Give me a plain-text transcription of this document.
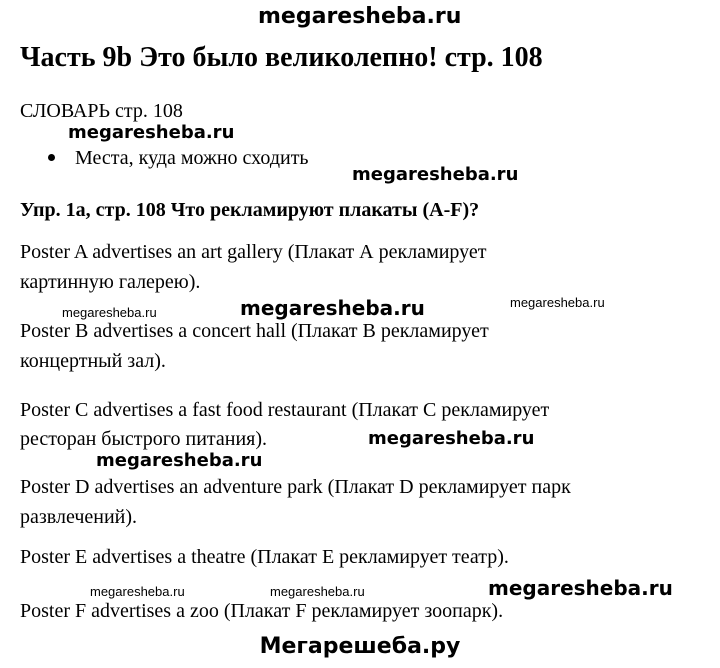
megaresheba.ru
megaresheba.ru
megaresheba.ru
megaresheba.ru	megaresheba.ru	megaresheba.ru
megaresheba.ru
megaresheba.ru
megaresheba.ru	megaresheba.ru	megaresheba.ru
Часть 9b Это было великолепно! стр. 108
СЛОВАРЬ стр. 108
Места, куда можно сходить
Упр. 1a, стр. 108 Что рекламируют плакаты (A-F)?
Poster A advertises an art gallery (Плакат А рекламирует
картинную галерею).
Poster B advertises a concert hall (Плакат В рекламирует
концертный зал).
Poster C advertises a fast food restaurant (Плакат С рекламирует
ресторан быстрого питания).
Poster D advertises an adventure park (Плакат D рекламирует парк
развлечений).
Poster E advertises a theatre (Плакат Е рекламирует театр).
Poster F advertises a zoo (Плакат F рекламирует зоопарк).
Мегарешеба.ру
